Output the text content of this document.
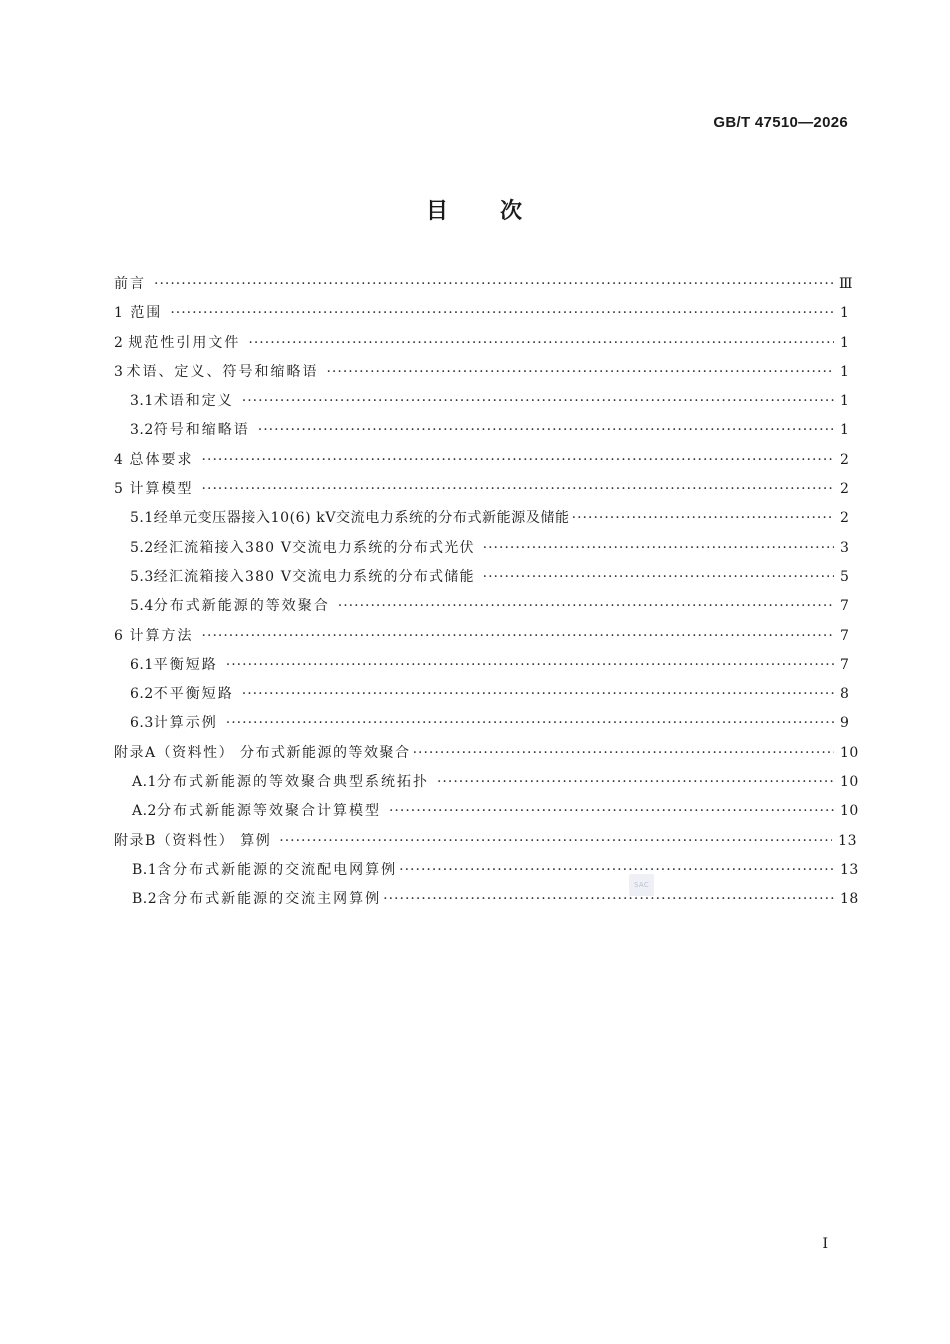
GB/T 47510—2026
目 次
前言 ·····	Ⅲ
1 范围 ·····	1
2 规范性引用文件 ·····	1
3 术语、定义、符号和缩略语 ·····	1
3.1 术语和定义 ·····	1
3.2 符号和缩略语 ·····	1
4 总体要求 ·····	2
5 计算模型 ·····	2
5.1 经单元变压器接入10(6) kV交流电力系统的分布式新能源及储能 ·····	2
5.2 经汇流箱接入380 V交流电力系统的分布式光伏 ·····	3
5.3 经汇流箱接入380 V交流电力系统的分布式储能 ·····	5
5.4 分布式新能源的等效聚合 ·····	7
6 计算方法 ·····	7
6.1 平衡短路 ·····	7
6.2 不平衡短路 ·····	8
6.3 计算示例 ·····	9
附录A（资料性） 分布式新能源的等效聚合 ·····	10
A.1 分布式新能源的等效聚合典型系统拓扑 ·····	10
A.2 分布式新能源等效聚合计算模型 ·····	10
附录B（资料性） 算例 ·····	13
B.1 含分布式新能源的交流配电网算例 ·····	13
B.2 含分布式新能源的交流主网算例 ·····	18
SAC
I
